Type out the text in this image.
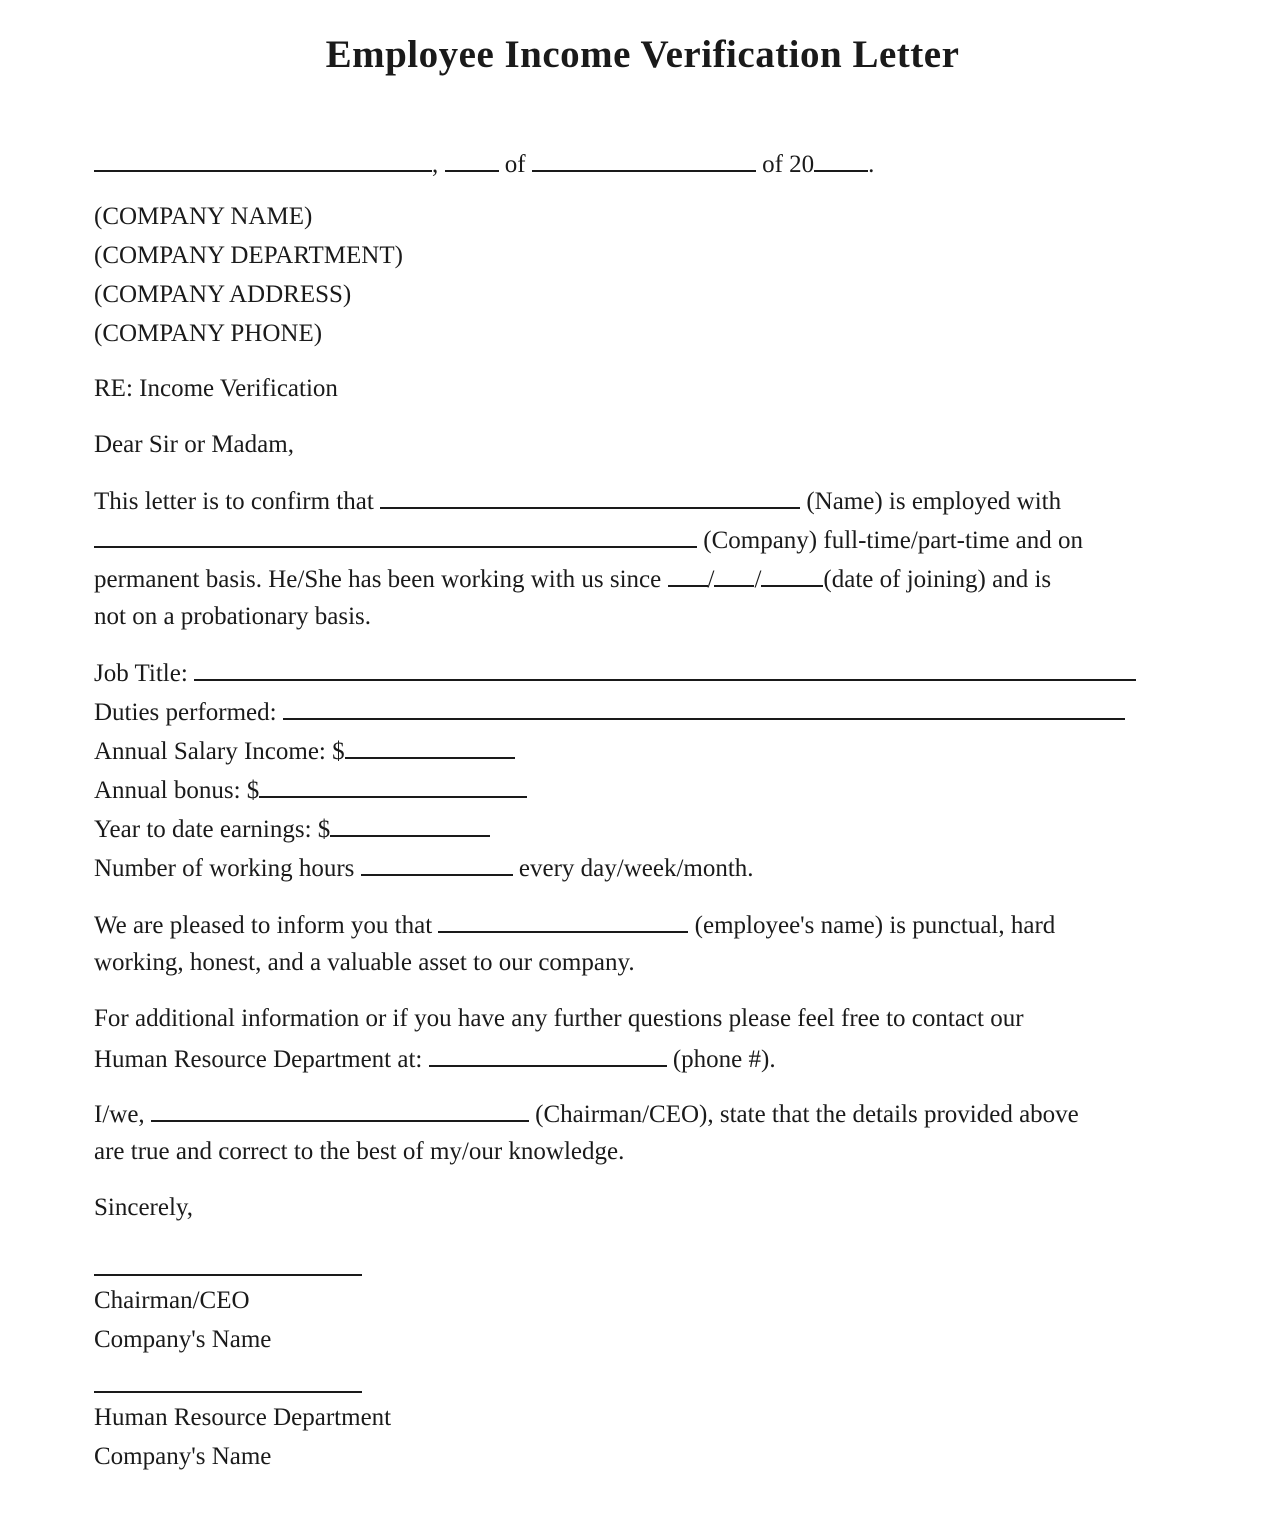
Employee Income Verification Letter
,	of	of 20 .
(COMPANY NAME)
(COMPANY DEPARTMENT)
(COMPANY ADDRESS)
(COMPANY PHONE)
RE: Income Verification
Dear Sir or Madam,
This letter is to confirm that	(Name) is employed with
(Company) full-time/part-time and on
permanent basis. He/She has been working with us since / / (date of joining) and is
not on a probationary basis.
Job Title:
Duties performed:
Annual Salary Income: $
Annual bonus: $
Year to date earnings: $
Number of working hours	every day/week/month.
We are pleased to inform you that	(employee's name) is punctual, hard
working, honest, and a valuable asset to our company.
For additional information or if you have any further questions please feel free to contact our
Human Resource Department at:	(phone #).
I/we,	(Chairman/CEO), state that the details provided above
are true and correct to the best of my/our knowledge.
Sincerely,
Chairman/CEO
Company's Name
Human Resource Department
Company's Name
